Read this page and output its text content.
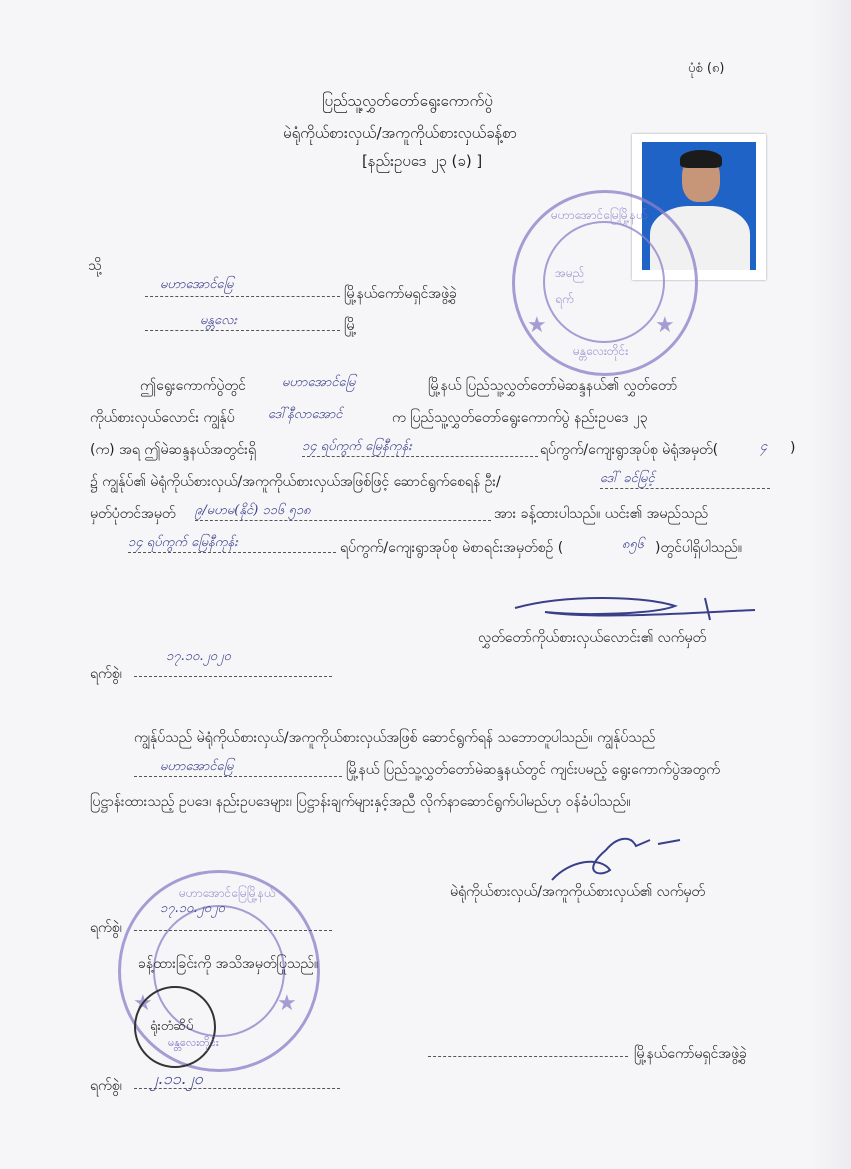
ပုံစံ (၈)
ပြည်သူ့လွှတ်တော်ရွေးကောက်ပွဲ
မဲရုံကိုယ်စားလှယ်/အကူကိုယ်စားလှယ်ခန့်စာ
[နည်းဥပဒေ ၂၃ (ခ) ]
မဟာအောင်မြေမြို့နယ်
မန္တလေးတိုင်း
အမည်
ရက်
★	★
သို့
မဟာအောင်မြေ
မြို့နယ်ကော်မရှင်အဖွဲ့ခွဲ
မန္တလေး	မြို့
ဤရွေးကောက်ပွဲတွင်	မဟာအောင်မြေ	မြို့နယ် ပြည်သူ့လွှတ်တော်မဲဆန္ဒနယ်၏ လွှတ်တော်
ကိုယ်စားလှယ်လောင်း ကျွန်ုပ်	ဒေါ်နီလာအောင်	က ပြည်သူ့လွှတ်တော်ရွေးကောက်ပွဲ နည်းဥပဒေ ၂၃
(က) အရ ဤမဲဆန္ဒနယ်အတွင်းရှိ	၁၄ ရပ်ကွက် မြေနီကုန်း	ရပ်ကွက်/ကျေးရွာအုပ်စု မဲရုံအမှတ်(	၄ )
၌ ကျွန်ုပ်၏ မဲရုံကိုယ်စားလှယ်/အကူကိုယ်စားလှယ်အဖြစ်ဖြင့် ဆောင်ရွက်စေရန် ဦး/	ဒေါ် ခင်မြင့်
မှတ်ပုံတင်အမှတ် ၉/မဟမ(နိုင်) ၁၁၆ ၅၁၈	အား ခန့်ထားပါသည်။ ယင်း၏ အမည်သည်
၁၄ ရပ်ကွက် မြေနီကုန်း	ရပ်ကွက်/ကျေးရွာအုပ်စု မဲစာရင်းအမှတ်စဉ် (	၈၅၆ )တွင်ပါရှိပါသည်။
လွှတ်တော်ကိုယ်စားလှယ်လောင်း၏ လက်မှတ်
ရက်စွဲ၊
၁၇.၁၀.၂၀၂၀
ကျွန်ုပ်သည် မဲရုံကိုယ်စားလှယ်/အကူကိုယ်စားလှယ်အဖြစ် ဆောင်ရွက်ရန် သဘောတူပါသည်။ ကျွန်ုပ်သည်
မဟာအောင်မြေ	မြို့နယ် ပြည်သူ့လွှတ်တော်မဲဆန္ဒနယ်တွင် ကျင်းပမည့် ရွေးကောက်ပွဲအတွက်
ပြဋ္ဌာန်းထားသည့် ဥပဒေ၊ နည်းဥပဒေများ၊ ပြဋ္ဌာန်းချက်များနှင့်အညီ လိုက်နာဆောင်ရွက်ပါမည်ဟု ဝန်ခံပါသည်။
မဲရုံကိုယ်စားလှယ်/အကူကိုယ်စားလှယ်၏ လက်မှတ်
မဟာအောင်မြေမြို့နယ်
★	★
ရုံးတံဆိပ်
မန္တလေးတိုင်း
ရက်စွဲ၊
၁၇.၁၀.၂၀၂၀
ခန့်ထားခြင်းကို အသိအမှတ်ပြုသည်။
မြို့နယ်ကော်မရှင်အဖွဲ့ခွဲ
ရက်စွဲ၊ ၂.၁၁.၂၀
